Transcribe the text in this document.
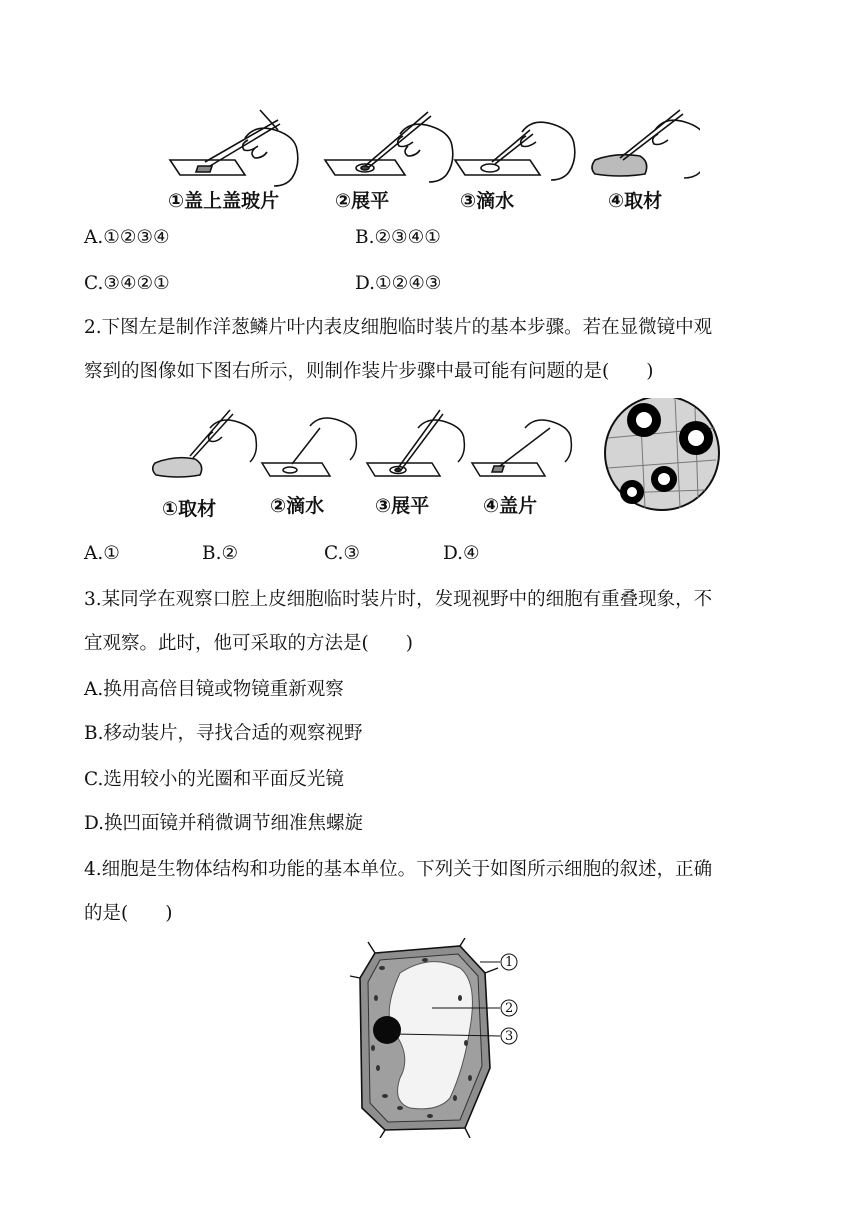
①盖上盖玻片	②展平	③滴水	④取材
A.①②③④	B.②③④①
C.③④②①	D.①②④③
2.下图左是制作洋葱鳞片叶内表皮细胞临时装片的基本步骤。若在显微镜中观
察到的图像如下图右所示，则制作装片步骤中最可能有问题的是(　　)
①取材	②滴水	③展平	④盖片
A.①	B.②	C.③	D.④
3.某同学在观察口腔上皮细胞临时装片时，发现视野中的细胞有重叠现象，不
宜观察。此时，他可采取的方法是(　　)
A.换用高倍目镜或物镜重新观察
B.移动装片，寻找合适的观察视野
C.选用较小的光圈和平面反光镜
D.换凹面镜并稍微调节细准焦螺旋
4.细胞是生物体结构和功能的基本单位。下列关于如图所示细胞的叙述，正确
的是(　　)
1
2
3
